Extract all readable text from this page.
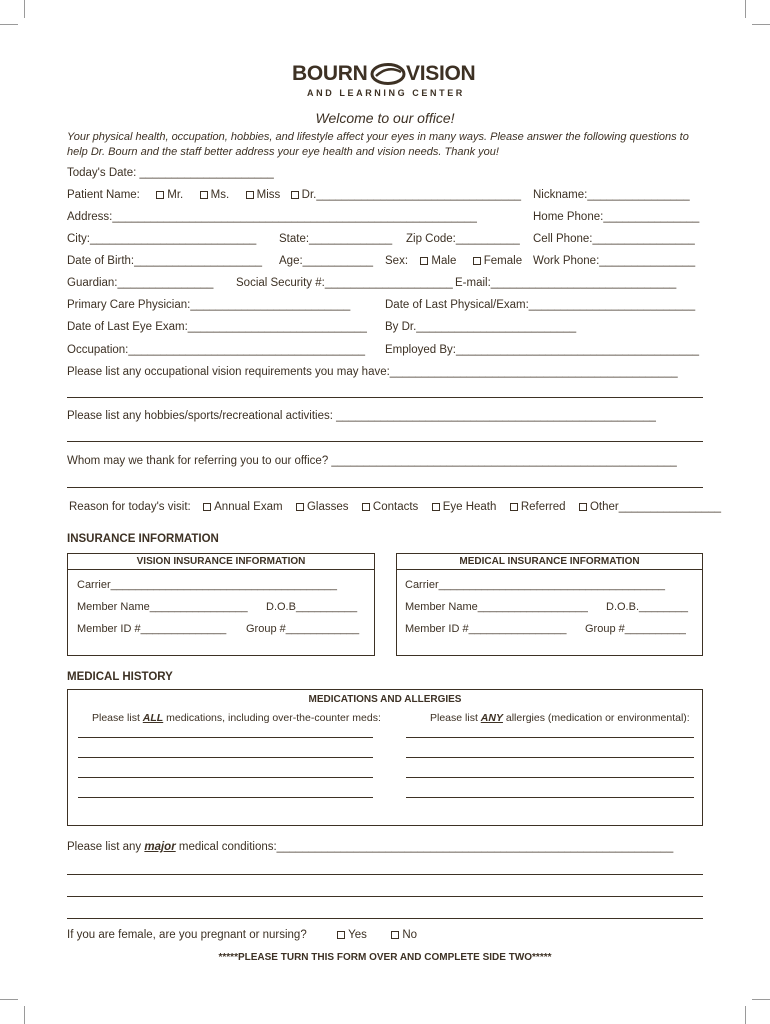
BOURN VISION
AND LEARNING CENTER
Welcome to our office!
Your physical health, occupation, hobbies, and lifestyle affect your eyes in many ways. Please answer the following questions to help Dr. Bourn and the staff better address your eye health and vision needs. Thank you!
Today's Date: _____________________
Patient Name: Mr. Ms. Miss Dr.________________________________ Nickname:________________
Address:_________________________________________________________	Home Phone:_______________
City:__________________________ State:_____________ Zip Code:__________ Cell Phone:________________
Date of Birth:____________________ Age:___________ Sex: Male Female Work Phone:_______________
Guardian:_______________ Social Security #:____________________ E-mail:_____________________________
Primary Care Physician:_________________________	Date of Last Physical/Exam:__________________________
Date of Last Eye Exam:____________________________ By Dr._________________________
Occupation:_____________________________________ Employed By:______________________________________
Please list any occupational vision requirements you may have:_____________________________________________
Please list any hobbies/sports/recreational activities: __________________________________________________
Whom may we thank for referring you to our office? ______________________________________________________
Reason for today's visit: Annual Exam Glasses Contacts Eye Heath Referred Other________________
INSURANCE INFORMATION
VISION INSURANCE INFORMATION
Carrier_____________________________________
Member Name________________ D.O.B__________
Member ID #______________ Group #____________
MEDICAL INSURANCE INFORMATION
Carrier_____________________________________
Member Name__________________ D.O.B.________
Member ID #________________ Group #__________
MEDICAL HISTORY
MEDICATIONS AND ALLERGIES
Please list ALL medications, including over-the-counter meds:	Please list ANY allergies (medication or environmental):
Please list any major medical conditions:______________________________________________________________
If you are female, are you pregnant or nursing?	Yes	No
*****PLEASE TURN THIS FORM OVER AND COMPLETE SIDE TWO*****
